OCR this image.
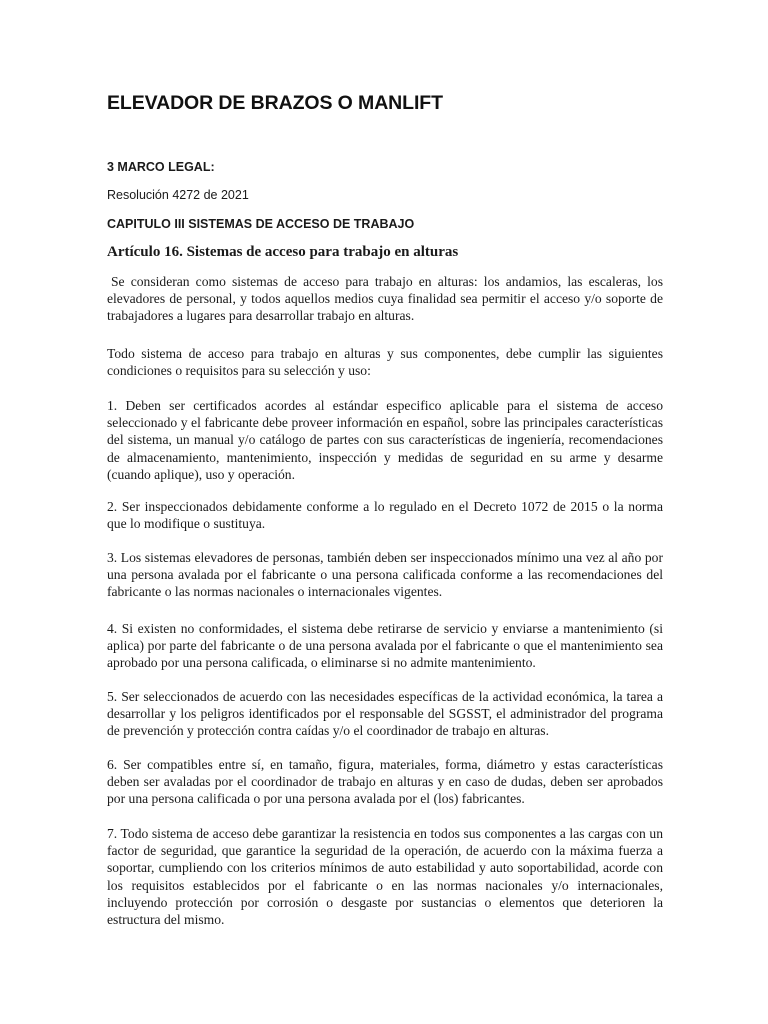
ELEVADOR DE BRAZOS O MANLIFT

3 MARCO LEGAL:

Resolución 4272 de 2021

CAPITULO III SISTEMAS DE ACCESO DE TRABAJO

Artículo 16. Sistemas de acceso para trabajo en alturas

Se consideran como sistemas de acceso para trabajo en alturas: los andamios, las escaleras, los elevadores de personal, y todos aquellos medios cuya finalidad sea permitir el acceso y/o soporte de trabajadores a lugares para desarrollar trabajo en alturas.

Todo sistema de acceso para trabajo en alturas y sus componentes, debe cumplir las siguientes condiciones o requisitos para su selección y uso:

1. Deben ser certificados acordes al estándar especifico aplicable para el sistema de acceso seleccionado y el fabricante debe proveer información en español, sobre las principales características del sistema, un manual y/o catálogo de partes con sus características de ingeniería, recomendaciones de almacenamiento, mantenimiento, inspección y medidas de seguridad en su arme y desarme (cuando aplique), uso y operación.

2. Ser inspeccionados debidamente conforme a lo regulado en el Decreto 1072 de 2015 o la norma que lo modifique o sustituya.

3. Los sistemas elevadores de personas, también deben ser inspeccionados mínimo una vez al año por una persona avalada por el fabricante o una persona calificada conforme a las recomendaciones del fabricante o las normas nacionales o internacionales vigentes.

4. Si existen no conformidades, el sistema debe retirarse de servicio y enviarse a mantenimiento (si aplica) por parte del fabricante o de una persona avalada por el fabricante o que el mantenimiento sea aprobado por una persona calificada, o eliminarse si no admite mantenimiento.

5. Ser seleccionados de acuerdo con las necesidades específicas de la actividad económica, la tarea a desarrollar y los peligros identificados por el responsable del SGSST, el administrador del programa de prevención y protección contra caídas y/o el coordinador de trabajo en alturas.

6. Ser compatibles entre sí, en tamaño, figura, materiales, forma, diámetro y estas características deben ser avaladas por el coordinador de trabajo en alturas y en caso de dudas, deben ser aprobados por una persona calificada o por una persona avalada por el (los) fabricantes.

7. Todo sistema de acceso debe garantizar la resistencia en todos sus componentes a las cargas con un factor de seguridad, que garantice la seguridad de la operación, de acuerdo con la máxima fuerza a soportar, cumpliendo con los criterios mínimos de auto estabilidad y auto soportabilidad, acorde con los requisitos establecidos por el fabricante o en las normas nacionales y/o internacionales, incluyendo protección por corrosión o desgaste por sustancias o elementos que deterioren la estructura del mismo.
